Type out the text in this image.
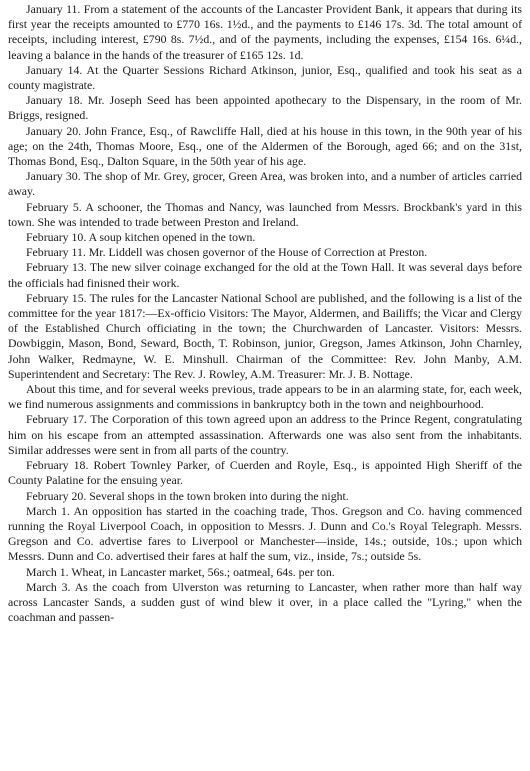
January 11. From a statement of the accounts of the Lancaster Provident Bank, it appears that during its first year the receipts amounted to £770 16s. 1½d., and the payments to £146 17s. 3d. The total amount of receipts, including interest, £790 8s. 7½d., and of the payments, including the expenses, £154 16s. 6¼d., leaving a balance in the hands of the treasurer of £165 12s. 1d.

January 14. At the Quarter Sessions Richard Atkinson, junior, Esq., qualified and took his seat as a county magistrate.

January 18. Mr. Joseph Seed has been appointed apothecary to the Dispensary, in the room of Mr. Briggs, resigned.

January 20. John France, Esq., of Rawcliffe Hall, died at his house in this town, in the 90th year of his age; on the 24th, Thomas Moore, Esq., one of the Aldermen of the Borough, aged 66; and on the 31st, Thomas Bond, Esq., Dalton Square, in the 50th year of his age.

January 30. The shop of Mr. Grey, grocer, Green Area, was broken into, and a number of articles carried away.

February 5. A schooner, the Thomas and Nancy, was launched from Messrs. Brockbank's yard in this town. She was intended to trade between Preston and Ireland.

February 10. A soup kitchen opened in the town.

February 11. Mr. Liddell was chosen governor of the House of Correction at Preston.

February 13. The new silver coinage exchanged for the old at the Town Hall. It was several days before the officials had finisned their work.

February 15. The rules for the Lancaster National School are published, and the following is a list of the committee for the year 1817:—Ex-officio Visitors: The Mayor, Aldermen, and Bailiffs; the Vicar and Clergy of the Established Church officiating in the town; the Churchwarden of Lancaster. Visitors: Messrs. Dowbiggin, Mason, Bond, Seward, Bocth, T. Robinson, junior, Gregson, James Atkinson, John Charnley, John Walker, Redmayne, W. E. Minshull. Chairman of the Committee: Rev. John Manby, A.M. Superintendent and Secretary: The Rev. J. Rowley, A.M. Treasurer: Mr. J. B. Nottage.

About this time, and for several weeks previous, trade appears to be in an alarming state, for, each week, we find numerous assignments and commissions in bankruptcy both in the town and neighbourhood.

February 17. The Corporation of this town agreed upon an address to the Prince Regent, congratulating him on his escape from an attempted assassination. Afterwards one was also sent from the inhabitants. Similar addresses were sent in from all parts of the country.

February 18. Robert Townley Parker, of Cuerden and Royle, Esq., is appointed High Sheriff of the County Palatine for the ensuing year.

February 20. Several shops in the town broken into during the night.

March 1. An opposition has started in the coaching trade, Thos. Gregson and Co. having commenced running the Royal Liverpool Coach, in opposition to Messrs. J. Dunn and Co.'s Royal Telegraph. Messrs. Gregson and Co. advertise fares to Liverpool or Manchester—inside, 14s.; outside, 10s.; upon which Messrs. Dunn and Co. advertised their fares at half the sum, viz., inside, 7s.; outside 5s.

March 1. Wheat, in Lancaster market, 56s.; oatmeal, 64s. per ton.

March 3. As the coach from Ulverston was returning to Lancaster, when rather more than half way across Lancaster Sands, a sudden gust of wind blew it over, in a place called the "Lyring," when the coachman and passen-
